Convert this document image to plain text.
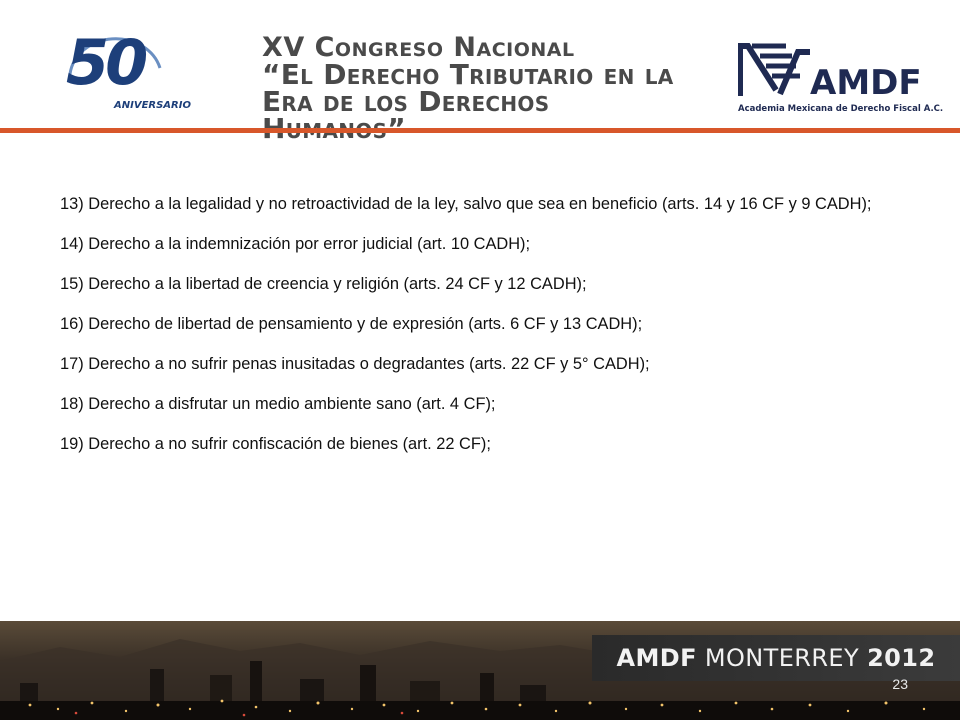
50
ANIVERSARIO
XV Congreso Nacional
“El Derecho Tributario en la
Era de los Derechos	AMDF
Academia Mexicana de Derecho Fiscal A.C.

13) Derecho a la legalidad y no retroactividad de la ley, salvo que sea en beneficio (arts. 14 y 16 CF y 9 CADH);

14) Derecho a la indemnización por error judicial (art. 10 CADH);

15) Derecho a la libertad de creencia y religión (arts. 24 CF y 12 CADH);

16) Derecho de libertad de pensamiento y de expresión (arts. 6 CF y 13 CADH);

17) Derecho a no sufrir penas inusitadas o degradantes (arts. 22 CF y 5° CADH);

18) Derecho a disfrutar un medio ambiente sano (art. 4 CF);

19) Derecho a no sufrir confiscación de bienes (art. 22 CF);

AMDF MONTERREY 2012
23
